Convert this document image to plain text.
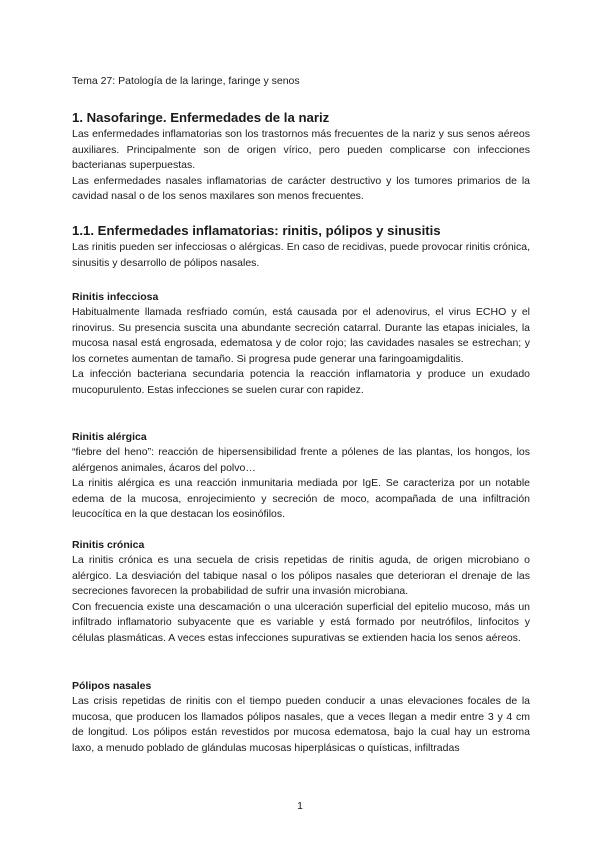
Tema 27: Patología de la laringe, faringe y senos
1. Nasofaringe. Enfermedades de la nariz

Las enfermedades inflamatorias son los trastornos más frecuentes de la nariz y sus senos aéreos auxiliares. Principalmente son de origen vírico, pero pueden complicarse con infecciones bacterianas superpuestas.

Las enfermedades nasales inflamatorias de carácter destructivo y los tumores primarios de la cavidad nasal o de los senos maxilares son menos frecuentes.

1.1. Enfermedades inflamatorias: rinitis, pólipos y sinusitis

Las rinitis pueden ser infecciosas o alérgicas. En caso de recidivas, puede provocar rinitis crónica, sinusitis y desarrollo de pólipos nasales.

Rinitis infecciosa

Habitualmente llamada resfriado común, está causada por el adenovirus, el virus ECHO y el rinovirus. Su presencia suscita una abundante secreción catarral. Durante las etapas iniciales, la mucosa nasal está engrosada, edematosa y de color rojo; las cavidades nasales se estrechan; y los cornetes aumentan de tamaño. Si progresa pude generar una faringoamigdalitis.

La infección bacteriana secundaria potencia la reacción inflamatoria y produce un exudado mucopurulento. Estas infecciones se suelen curar con rapidez.

Rinitis alérgica

“fiebre del heno”: reacción de hipersensibilidad frente a pólenes de las plantas, los hongos, los alérgenos animales, ácaros del polvo…

La rinitis alérgica es una reacción inmunitaria mediada por IgE. Se caracteriza por un notable edema de la mucosa, enrojecimiento y secreción de moco, acompañada de una infiltración leucocítica en la que destacan los eosinófilos.

Rinitis crónica

La rinitis crónica es una secuela de crisis repetidas de rinitis aguda, de origen microbiano o alérgico. La desviación del tabique nasal o los pólipos nasales que deterioran el drenaje de las secreciones favorecen la probabilidad de sufrir una invasión microbiana.

Con frecuencia existe una descamación o una ulceración superficial del epitelio mucoso, más un infiltrado inflamatorio subyacente que es variable y está formado por neutrófilos, linfocitos y células plasmáticas. A veces estas infecciones supurativas se extienden hacia los senos aéreos.

Pólipos nasales

Las crisis repetidas de rinitis con el tiempo pueden conducir a unas elevaciones focales de la mucosa, que producen los llamados pólipos nasales, que a veces llegan a medir entre 3 y 4 cm de longitud. Los pólipos están revestidos por mucosa edematosa, bajo la cual hay un estroma laxo, a menudo poblado de glándulas mucosas hiperplásicas o quísticas, infiltradas

1
